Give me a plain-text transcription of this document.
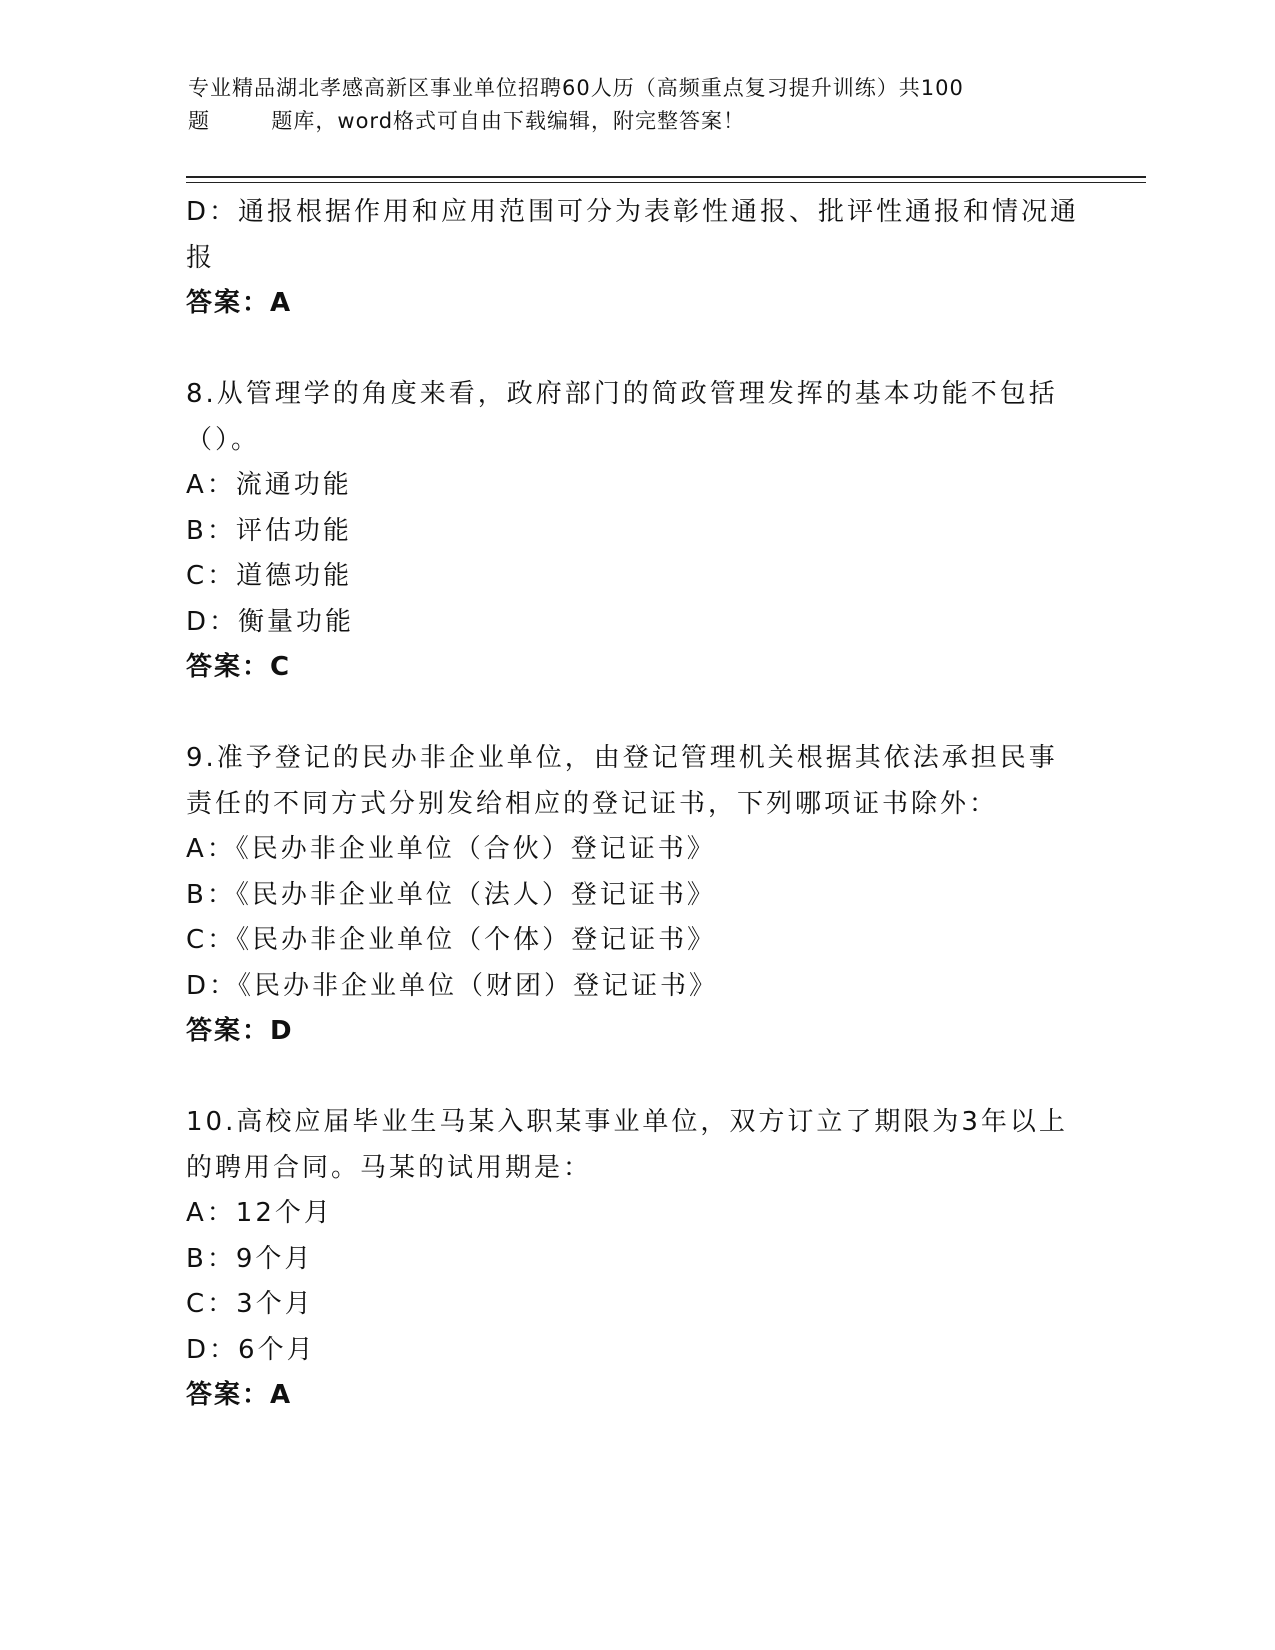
专业精品湖北孝感高新区事业单位招聘60人历（高频重点复习提升训练）共100
题        题库，word格式可自由下载编辑，附完整答案！
D：通报根据作用和应用范围可分为表彰性通报、批评性通报和情况通
报
答案：A
8.从管理学的角度来看，政府部门的简政管理发挥的基本功能不包括
（）。
A：流通功能
B：评估功能
C：道德功能
D：衡量功能
答案：C
9.准予登记的民办非企业单位，由登记管理机关根据其依法承担民事
责任的不同方式分别发给相应的登记证书，下列哪项证书除外：
A：《民办非企业单位（合伙）登记证书》
B：《民办非企业单位（法人）登记证书》
C：《民办非企业单位（个体）登记证书》
D：《民办非企业单位（财团）登记证书》
答案：D
10.高校应届毕业生马某入职某事业单位，双方订立了期限为3年以上
的聘用合同。马某的试用期是：
A：12个月
B：9个月
C：3个月
D：6个月
答案：A
